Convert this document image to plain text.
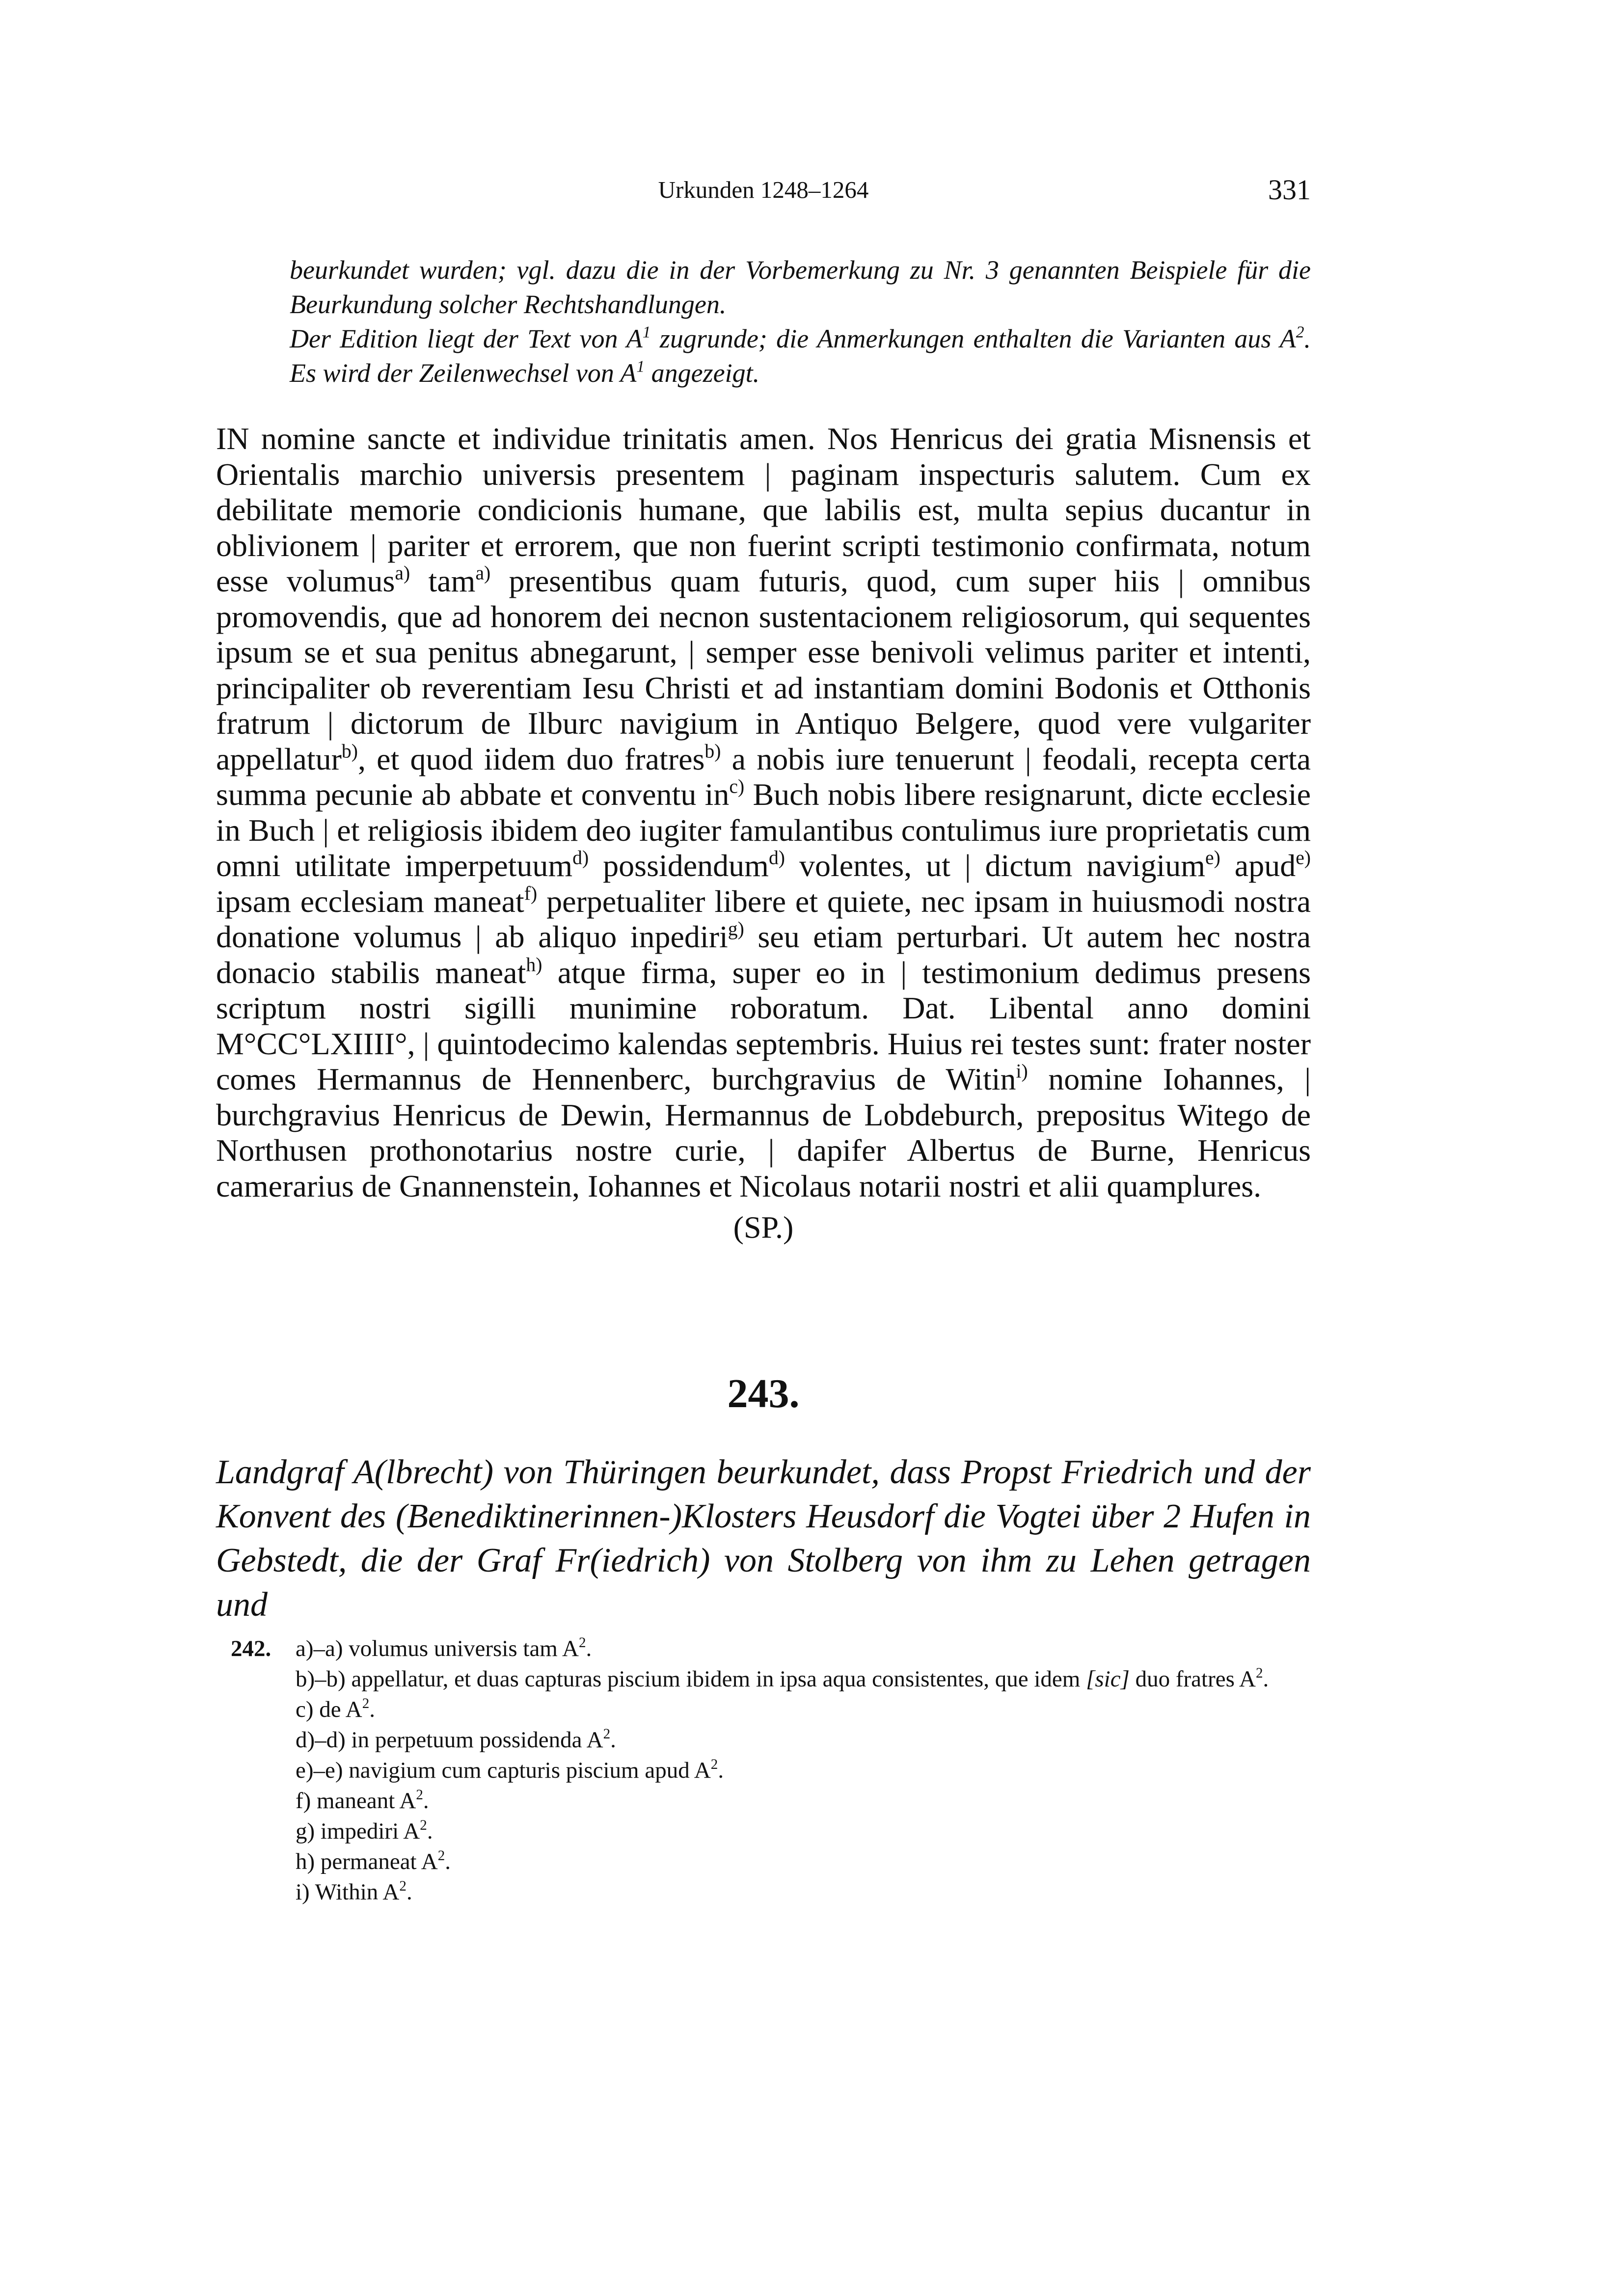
Urkunden 1248–1264	331

beurkundet wurden; vgl. dazu die in der Vorbemerkung zu Nr. 3 genannten Beispiele für die Beurkundung solcher Rechtshandlungen.

Der Edition liegt der Text von $A^1$ zugrunde; die Anmerkungen enthalten die Varianten aus $A^2$. Es wird der Zeilenwechsel von $A^1$ angezeigt.

IN nomine sancte et individue trinitatis amen. Nos Henricus dei gratia Misnensis et Orientalis marchio universis presentem | paginam inspecturis salutem. Cum ex debilitate memorie condicionis humane, que labilis est, multa sepius ducantur in oblivionem | pariter et errorem, que non fuerint scripti testimonio confirmata, notum esse volumus$^{a)}$ tam$^{a)}$ presentibus quam futuris, quod, cum super hiis | omnibus promovendis, que ad honorem dei necnon sustentacionem religiosorum, qui sequentes ipsum se et sua penitus abnegarunt, | semper esse benivoli velimus pariter et intenti, principaliter ob reverentiam Iesu Christi et ad instantiam domini Bodonis et Otthonis fratrum | dictorum de Ilburc navigium in Antiquo Belgere, quod vere vulgariter appellatur$^{b)}$, et quod iidem duo fratres$^{b)}$ a nobis iure tenuerunt | feodali, recepta certa summa pecunie ab abbate et conventu $in^{c)}$ Buch nobis libere resignarunt, dicte ecclesie in Buch | et religiosis ibidem deo iugiter famulantibus contulimus iure proprietatis cum omni utilitate imperpetuum$^{d)}$ possidendum$^{d)}$ volentes, ut | dictum navigium$^{e)}$ apud$^{e)}$ ipsam ecclesiam maneat$^{f)}$ perpetualiter libere et quiete, nec ipsam in huiusmodi nostra donatione volumus | ab aliquo inpediri$^{g)}$ seu etiam perturbari. Ut autem hec nostra donacio stabilis maneat$^{h)}$ atque firma, super eo in | testimonium dedimus presens scriptum nostri sigilli munimine roboratum. Dat. Libental anno domini M°CC°LXIIII°, | quintodecimo kalendas septembris. Huius rei testes sunt: frater noster comes Hermannus de Hennenberc, burchgravius de Witin$^{i)}$ nomine Iohannes, | burchgravius Henricus de Dewin, Hermannus de Lobdeburch, prepositus Witego de Northusen prothonotarius nostre curie, | dapifer Albertus de Burne, Henricus camerarius de Gnannenstein, Iohannes et Nicolaus notarii nostri et alii quamplures.

(SP.)
243.

Landgraf A(lbrecht) von Thüringen beurkundet, dass Propst Friedrich und der Konvent des (Benediktinerinnen-)Klosters Heusdorf die Vogtei über 2 Hufen in Gebstedt, die der Graf Fr(iedrich) von Stolberg von ihm zu Lehen getragen und

242. a)–a) volumus universis tam $A^2$.
b)–b) appellatur, et duas capturas piscium ibidem in ipsa aqua consistentes, que idem [sic] duo fratres $A^2$.
c) de $A^2$.
d)–d) in perpetuum possidenda $A^2$.
e)–e) navigium cum capturis piscium apud $A^2$.
f) maneant $A^2$.
g) impediri $A^2$.
h) permaneat $A^2$.
i) Within $A^2$.
